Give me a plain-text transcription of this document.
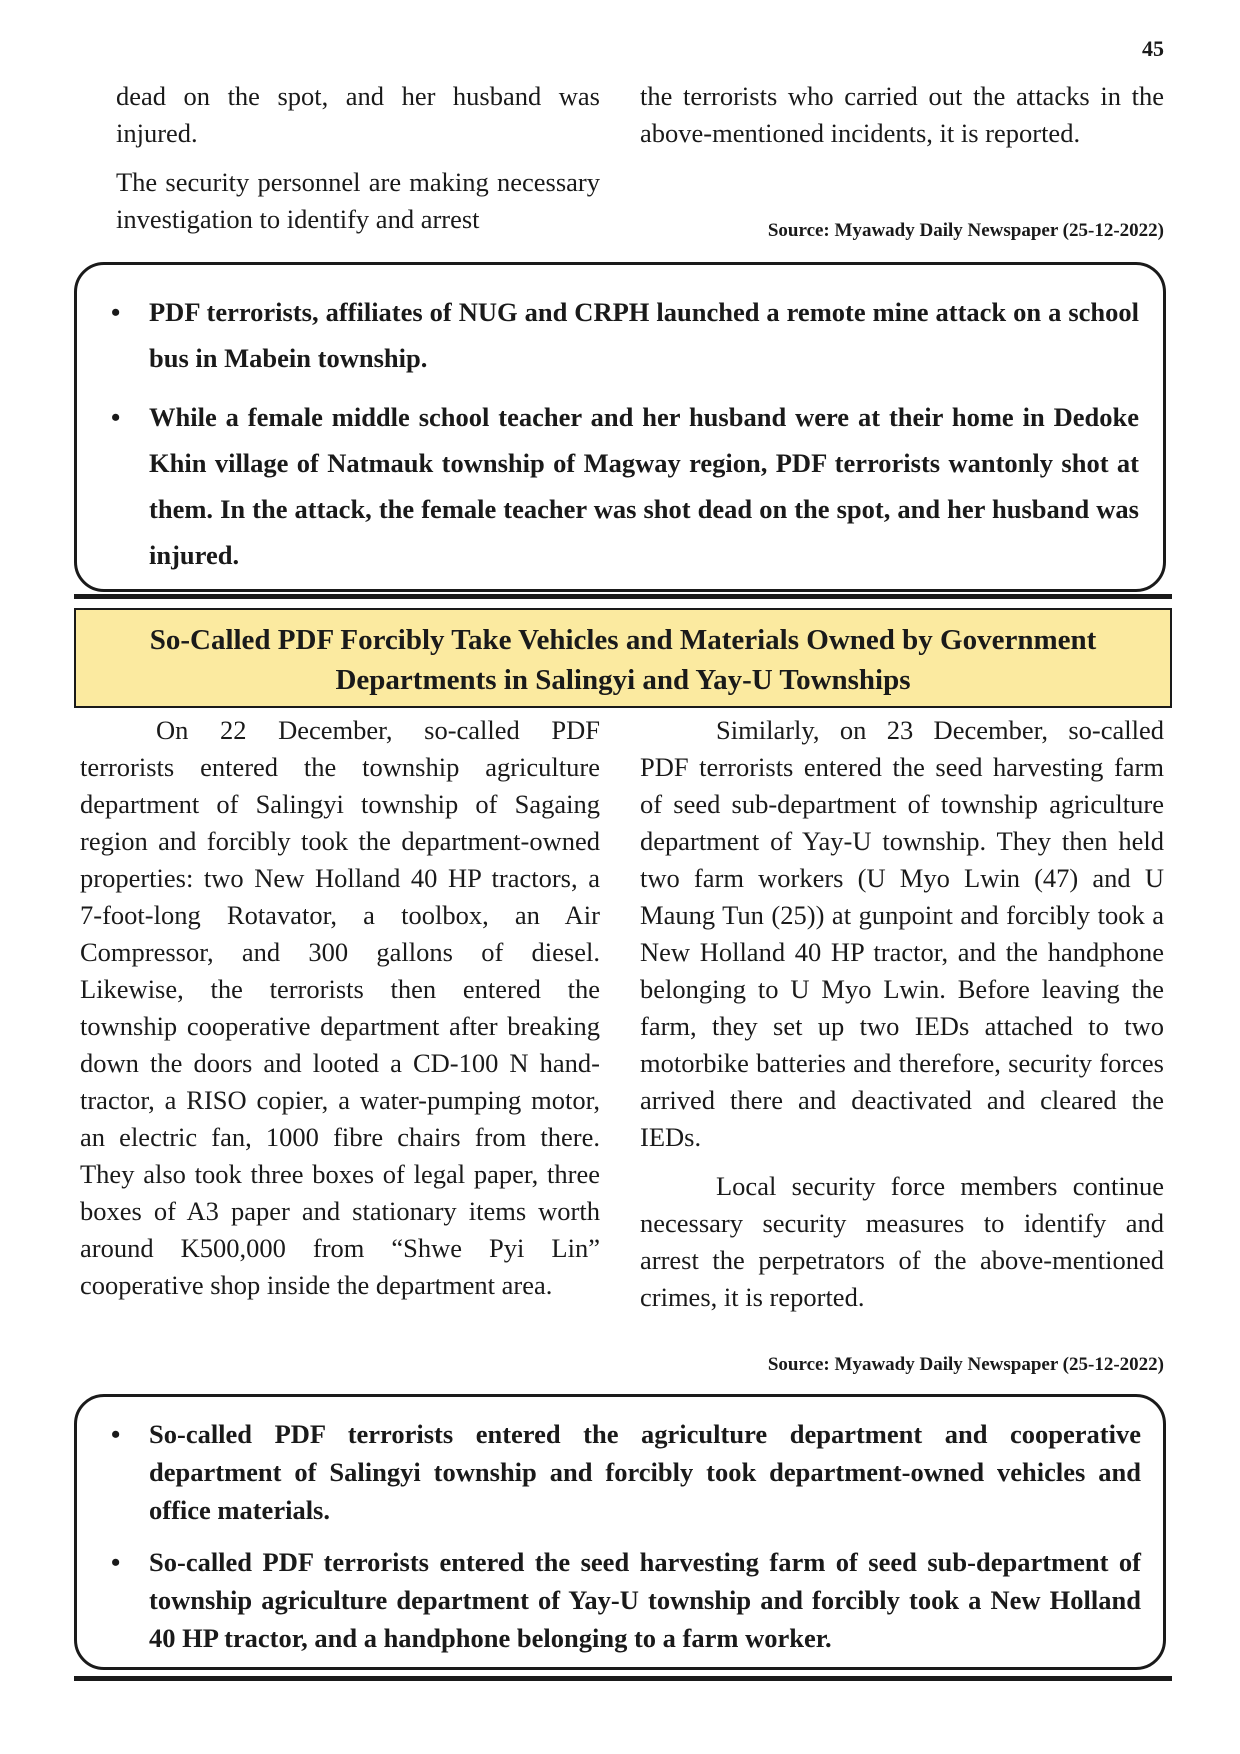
45

dead on the spot, and her husband was injured.

The security personnel are making necessary investigation to identify and arrest

the terrorists who carried out the attacks in the above-mentioned incidents, it is reported.

Source: Myawady Daily Newspaper (25-12-2022)
• PDF terrorists, affiliates of NUG and CRPH launched a remote mine attack on a school bus in Mabein township.
• While a female middle school teacher and her husband were at their home in Dedoke Khin village of Natmauk township of Magway region, PDF terrorists wantonly shot at them. In the attack, the female teacher was shot dead on the spot, and her husband was injured.
So-Called PDF Forcibly Take Vehicles and Materials Owned by Government
Departments in Salingyi and Yay-U Townships

On 22 December, so-called PDF terrorists entered the township agriculture department of Salingyi township of Sagaing region and forcibly took the department-owned properties: two New Holland 40 HP tractors, a 7-foot-long Rotavator, a toolbox, an Air Compressor, and 300 gallons of diesel. Likewise, the terrorists then entered the township cooperative department after breaking down the doors and looted a CD-100 N hand-tractor, a RISO copier, a water-pumping motor, an electric fan, 1000 fibre chairs from there. They also took three boxes of legal paper, three boxes of A3 paper and stationary items worth around K500,000 from “Shwe Pyi Lin” cooperative shop inside the department area.

Similarly, on 23 December, so-called PDF terrorists entered the seed harvesting farm of seed sub-department of township agriculture department of Yay-U township. They then held two farm workers (U Myo Lwin (47) and U Maung Tun (25)) at gunpoint and forcibly took a New Holland 40 HP tractor, and the handphone belonging to U Myo Lwin. Before leaving the farm, they set up two IEDs attached to two motorbike batteries and therefore, security forces arrived there and deactivated and cleared the IEDs.

Local security force members continue necessary security measures to identify and arrest the perpetrators of the above-mentioned crimes, it is reported.

Source: Myawady Daily Newspaper (25-12-2022)
• So-called PDF terrorists entered the agriculture department and cooperative department of Salingyi township and forcibly took department-owned vehicles and office materials.
• So-called PDF terrorists entered the seed harvesting farm of seed sub-department of township agriculture department of Yay-U township and forcibly took a New Holland 40 HP tractor, and a handphone belonging to a farm worker.
